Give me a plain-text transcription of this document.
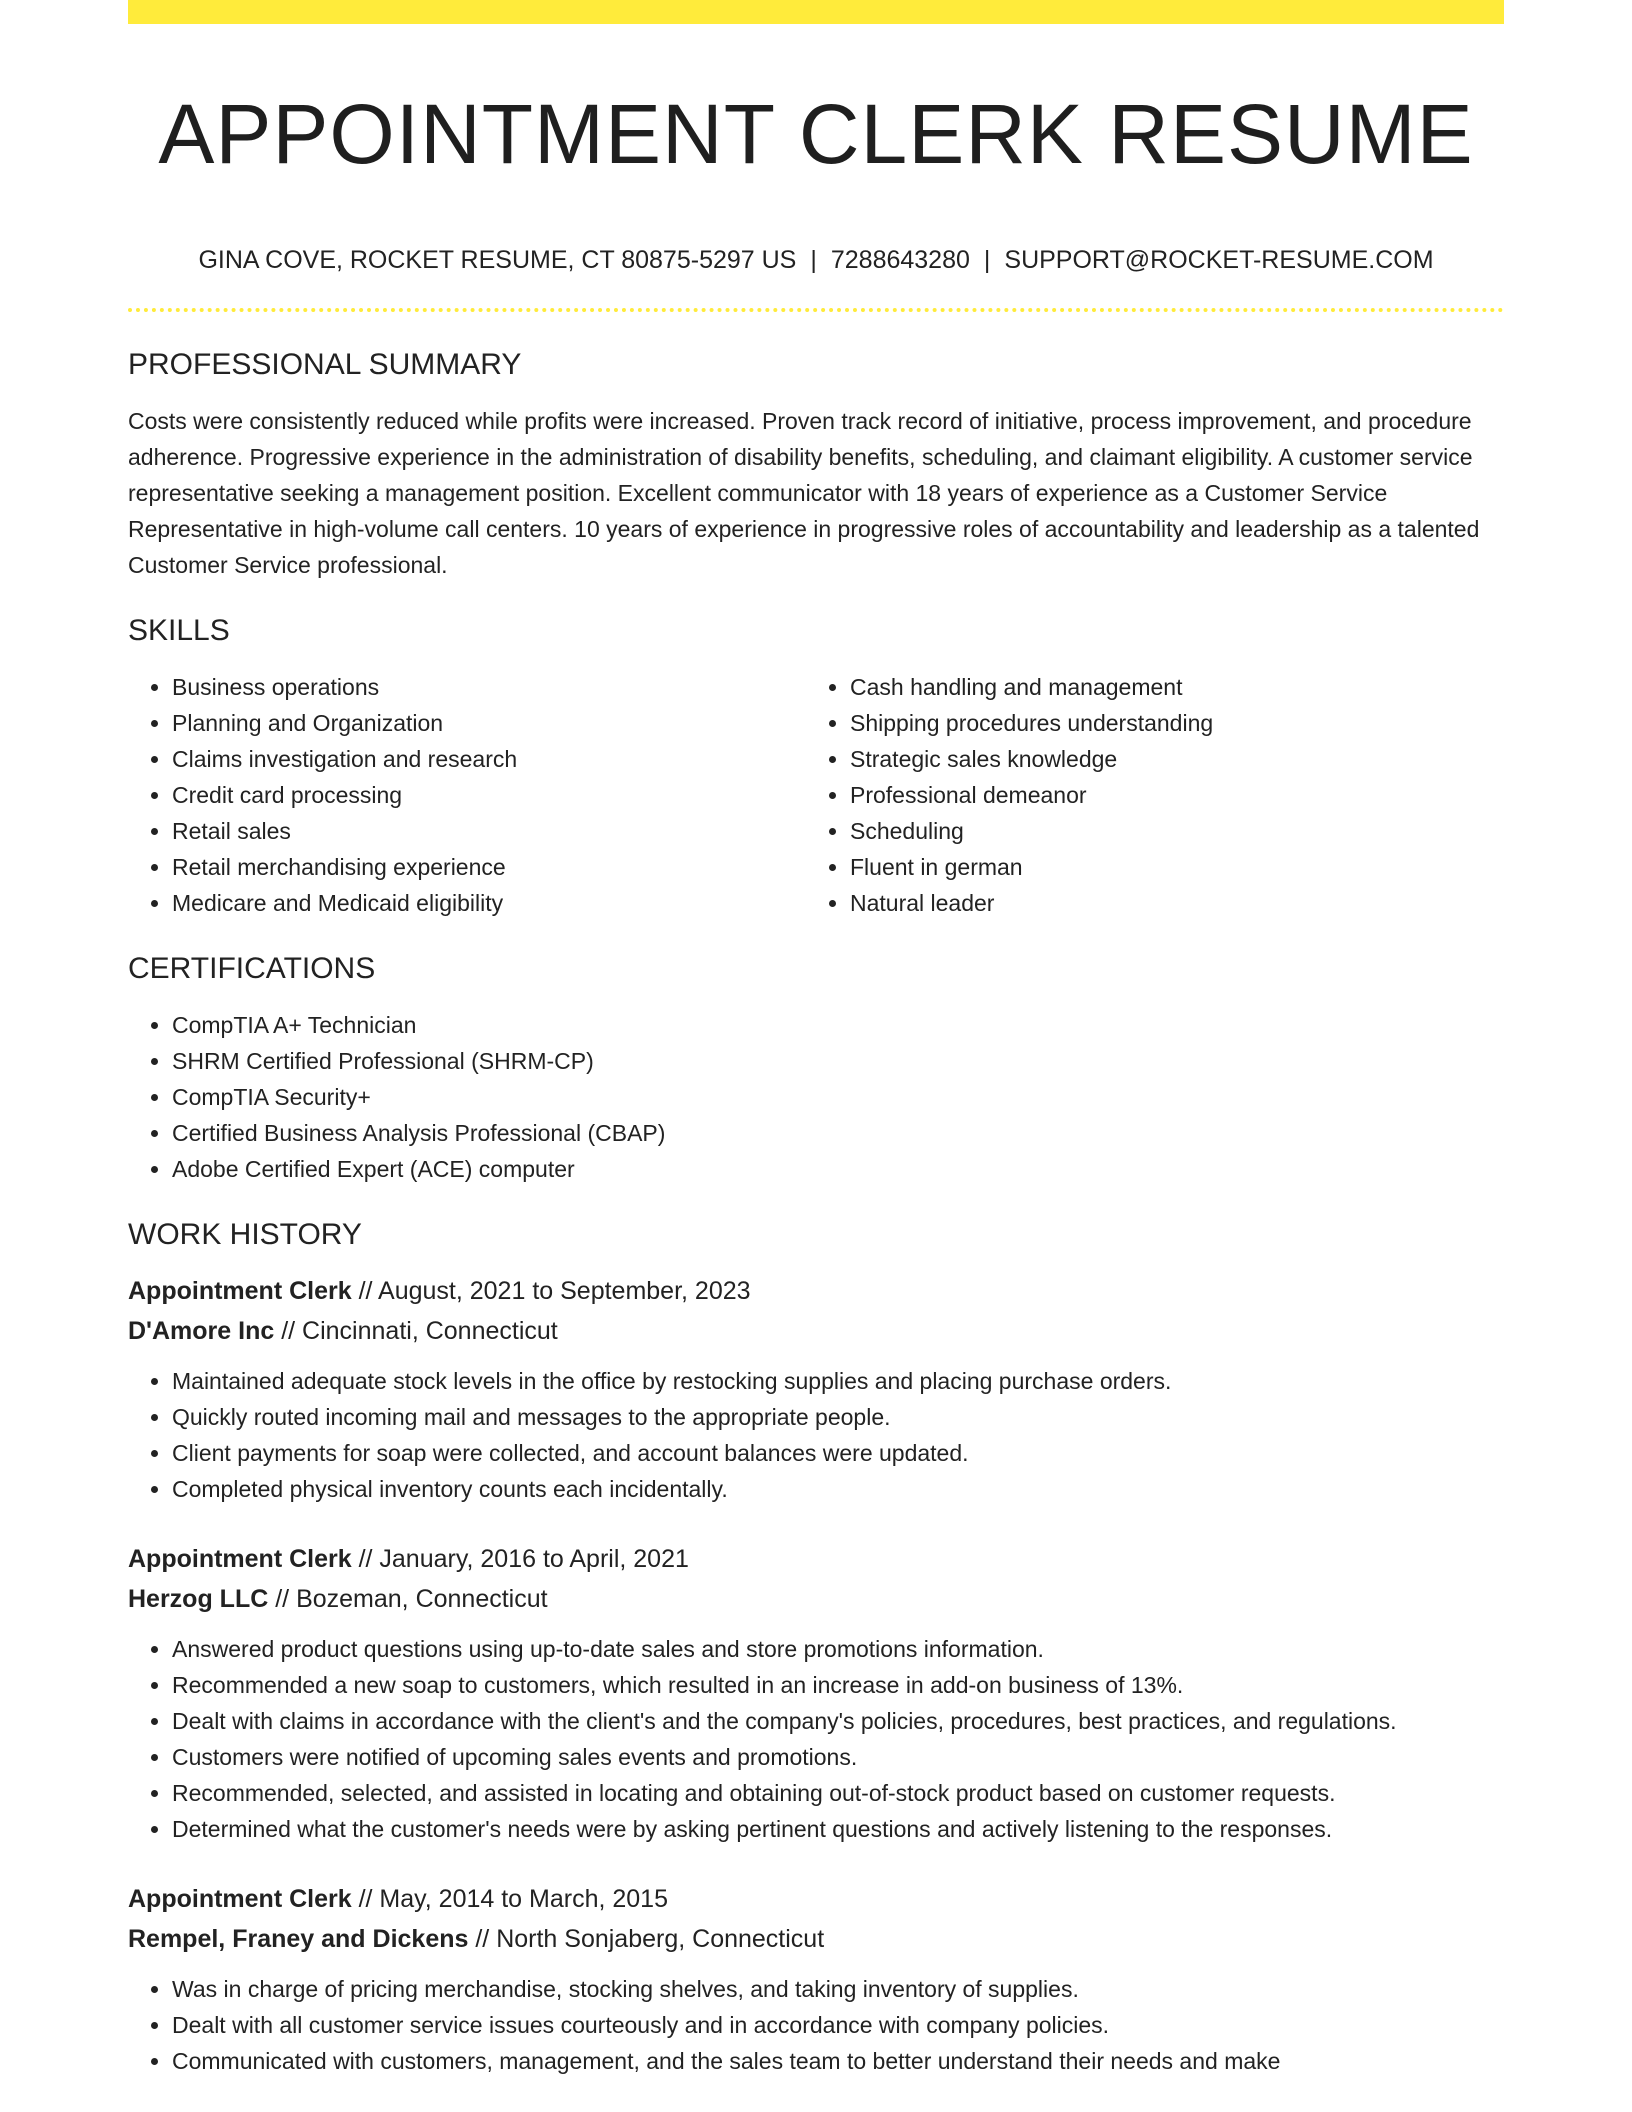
APPOINTMENT CLERK RESUME
GINA COVE, ROCKET RESUME, CT 80875-5297 US | 7288643280 | SUPPORT@ROCKET-RESUME.COM
PROFESSIONAL SUMMARY
Costs were consistently reduced while profits were increased. Proven track record of initiative, process improvement, and procedure adherence. Progressive experience in the administration of disability benefits, scheduling, and claimant eligibility. A customer service representative seeking a management position. Excellent communicator with 18 years of experience as a Customer Service Representative in high-volume call centers. 10 years of experience in progressive roles of accountability and leadership as a talented Customer Service professional.
SKILLS
• Business operations
• Planning and Organization
• Claims investigation and research
• Credit card processing
• Retail sales
• Retail merchandising experience
• Medicare and Medicaid eligibility
• Cash handling and management
• Shipping procedures understanding
• Strategic sales knowledge
• Professional demeanor
• Scheduling
• Fluent in german
• Natural leader
CERTIFICATIONS
• CompTIA A+ Technician
• SHRM Certified Professional (SHRM-CP)
• CompTIA Security+
• Certified Business Analysis Professional (CBAP)
• Adobe Certified Expert (ACE) computer
WORK HISTORY
Appointment Clerk // August, 2021 to September, 2023
D'Amore Inc // Cincinnati, Connecticut
• Maintained adequate stock levels in the office by restocking supplies and placing purchase orders.
• Quickly routed incoming mail and messages to the appropriate people.
• Client payments for soap were collected, and account balances were updated.
• Completed physical inventory counts each incidentally.
Appointment Clerk // January, 2016 to April, 2021
Herzog LLC // Bozeman, Connecticut
• Answered product questions using up-to-date sales and store promotions information.
• Recommended a new soap to customers, which resulted in an increase in add-on business of 13%.
• Dealt with claims in accordance with the client's and the company's policies, procedures, best practices, and regulations.
• Customers were notified of upcoming sales events and promotions.
• Recommended, selected, and assisted in locating and obtaining out-of-stock product based on customer requests.
• Determined what the customer's needs were by asking pertinent questions and actively listening to the responses.
Appointment Clerk // May, 2014 to March, 2015
Rempel, Franey and Dickens // North Sonjaberg, Connecticut
• Was in charge of pricing merchandise, stocking shelves, and taking inventory of supplies.
• Dealt with all customer service issues courteously and in accordance with company policies.
• Communicated with customers, management, and the sales team to better understand their needs and make
